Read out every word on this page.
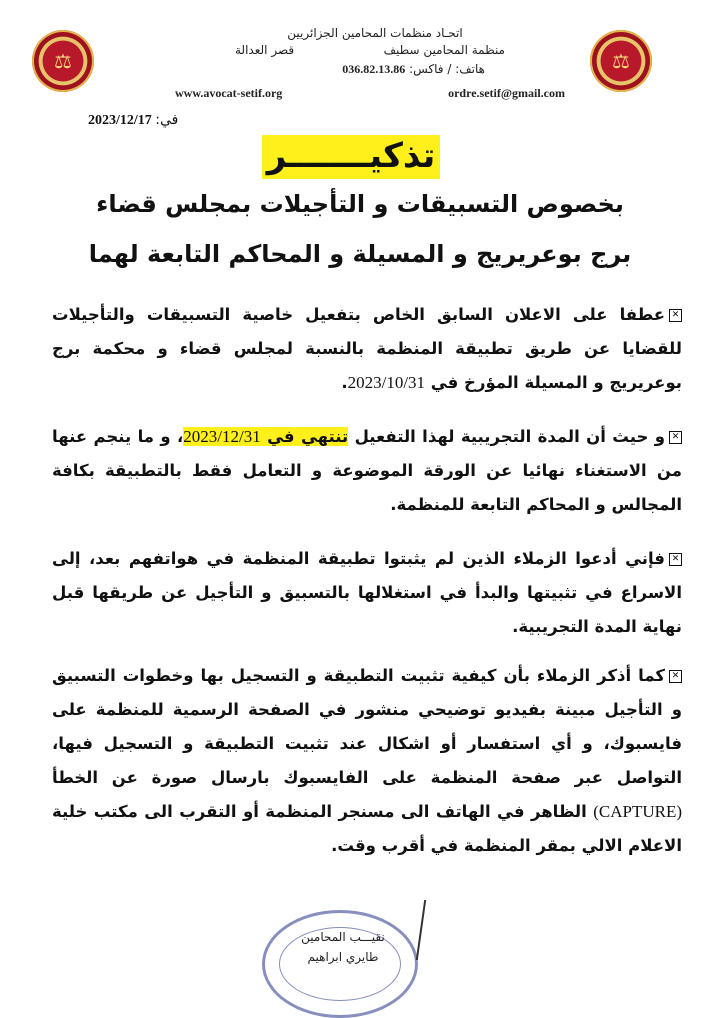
⚖	⚖
اتحـاد منظمات المحامين الجزائريين
منظمة المحامين سطيف
قصر العدالة
هاتف: / فاكس: 036.82.13.86
www.avocat-setif.org	ordre.setif@gmail.com
في: 2023/12/17
تذكيـــــــر
بخصوص التسبيقات و التأجيلات بمجلس قضاء
برج بوعريريج و المسيلة و المحاكم التابعة لهما
✕عطفا على الاعلان السابق الخاص بتفعيل خاصية التسبيقات والتأجيلات للقضايا عن طريق تطبيقة المنظمة بالنسبة لمجلس قضاء و محكمة برج بوعريريج و المسيلة المؤرخ في 2023/10/31.
✕و حيث أن المدة التجريبية لهذا التفعيل تنتهي في 2023/12/31، و ما ينجم عنها من الاستغناء نهائيا عن الورقة الموضوعة و التعامل فقط بالتطبيقة بكافة المجالس و المحاكم التابعة للمنظمة.
✕فإني أدعوا الزملاء الذين لم يثبتوا تطبيقة المنظمة في هواتفهم بعد، إلى الاسراع في تثبيتها والبدأ في استغلالها بالتسبيق و التأجيل عن طريقها قبل نهاية المدة التجريبية.
✕كما أذكر الزملاء بأن كيفية تثبيت التطبيقة و التسجيل بها وخطوات التسبيق و التأجيل مبينة بفيديو توضيحي منشور في الصفحة الرسمية للمنظمة على فايسبوك، و أي استفسار أو اشكال عند تثبيت التطبيقة و التسجيل فيها، التواصل عبر صفحة المنظمة على الفايسبوك بارسال صورة عن الخطأ (CAPTURE) الظاهر في الهاتف الى مسنجر المنظمة أو التقرب الى مكتب خلية الاعلام الالي بمقر المنظمة في أقرب وقت.
نقيـــب المحامين
طايري ابراهيم
